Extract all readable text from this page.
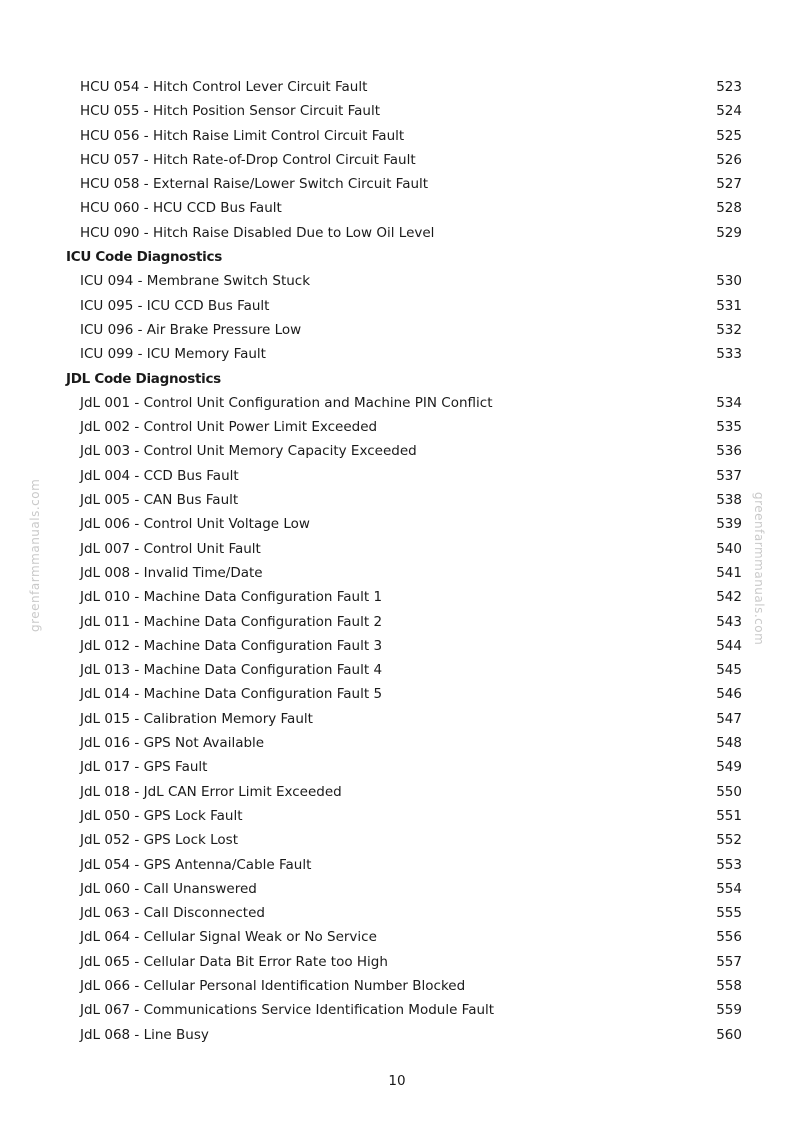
HCU 054 - Hitch Control Lever Circuit Fault	523
HCU 055 - Hitch Position Sensor Circuit Fault	524
HCU 056 - Hitch Raise Limit Control Circuit Fault	525
HCU 057 - Hitch Rate-of-Drop Control Circuit Fault	526
HCU 058 - External Raise/Lower Switch Circuit Fault	527
HCU 060 - HCU CCD Bus Fault	528
HCU 090 - Hitch Raise Disabled Due to Low Oil Level	529
ICU Code Diagnostics
ICU 094 - Membrane Switch Stuck	530
ICU 095 - ICU CCD Bus Fault	531
ICU 096 - Air Brake Pressure Low	532
ICU 099 - ICU Memory Fault	533
JDL Code Diagnostics
JdL 001 - Control Unit Configuration and Machine PIN Conflict	534
JdL 002 - Control Unit Power Limit Exceeded	535
JdL 003 - Control Unit Memory Capacity Exceeded	536
JdL 004 - CCD Bus Fault	537
JdL 005 - CAN Bus Fault	538
JdL 006 - Control Unit Voltage Low	539
JdL 007 - Control Unit Fault	540
JdL 008 - Invalid Time/Date	541
JdL 010 - Machine Data Configuration Fault 1	542
JdL 011 - Machine Data Configuration Fault 2	543
JdL 012 - Machine Data Configuration Fault 3	544
JdL 013 - Machine Data Configuration Fault 4	545
JdL 014 - Machine Data Configuration Fault 5	546
JdL 015 - Calibration Memory Fault	547
JdL 016 - GPS Not Available	548
JdL 017 - GPS Fault	549
JdL 018 - JdL CAN Error Limit Exceeded	550
JdL 050 - GPS Lock Fault	551
JdL 052 - GPS Lock Lost	552
JdL 054 - GPS Antenna/Cable Fault	553
JdL 060 - Call Unanswered	554
JdL 063 - Call Disconnected	555
JdL 064 - Cellular Signal Weak or No Service	556
JdL 065 - Cellular Data Bit Error Rate too High	557
JdL 066 - Cellular Personal Identification Number Blocked	558
JdL 067 - Communications Service Identification Module Fault	559
JdL 068 - Line Busy	560
greenfarmmanuals.com	greenfarmmanuals.com
10
